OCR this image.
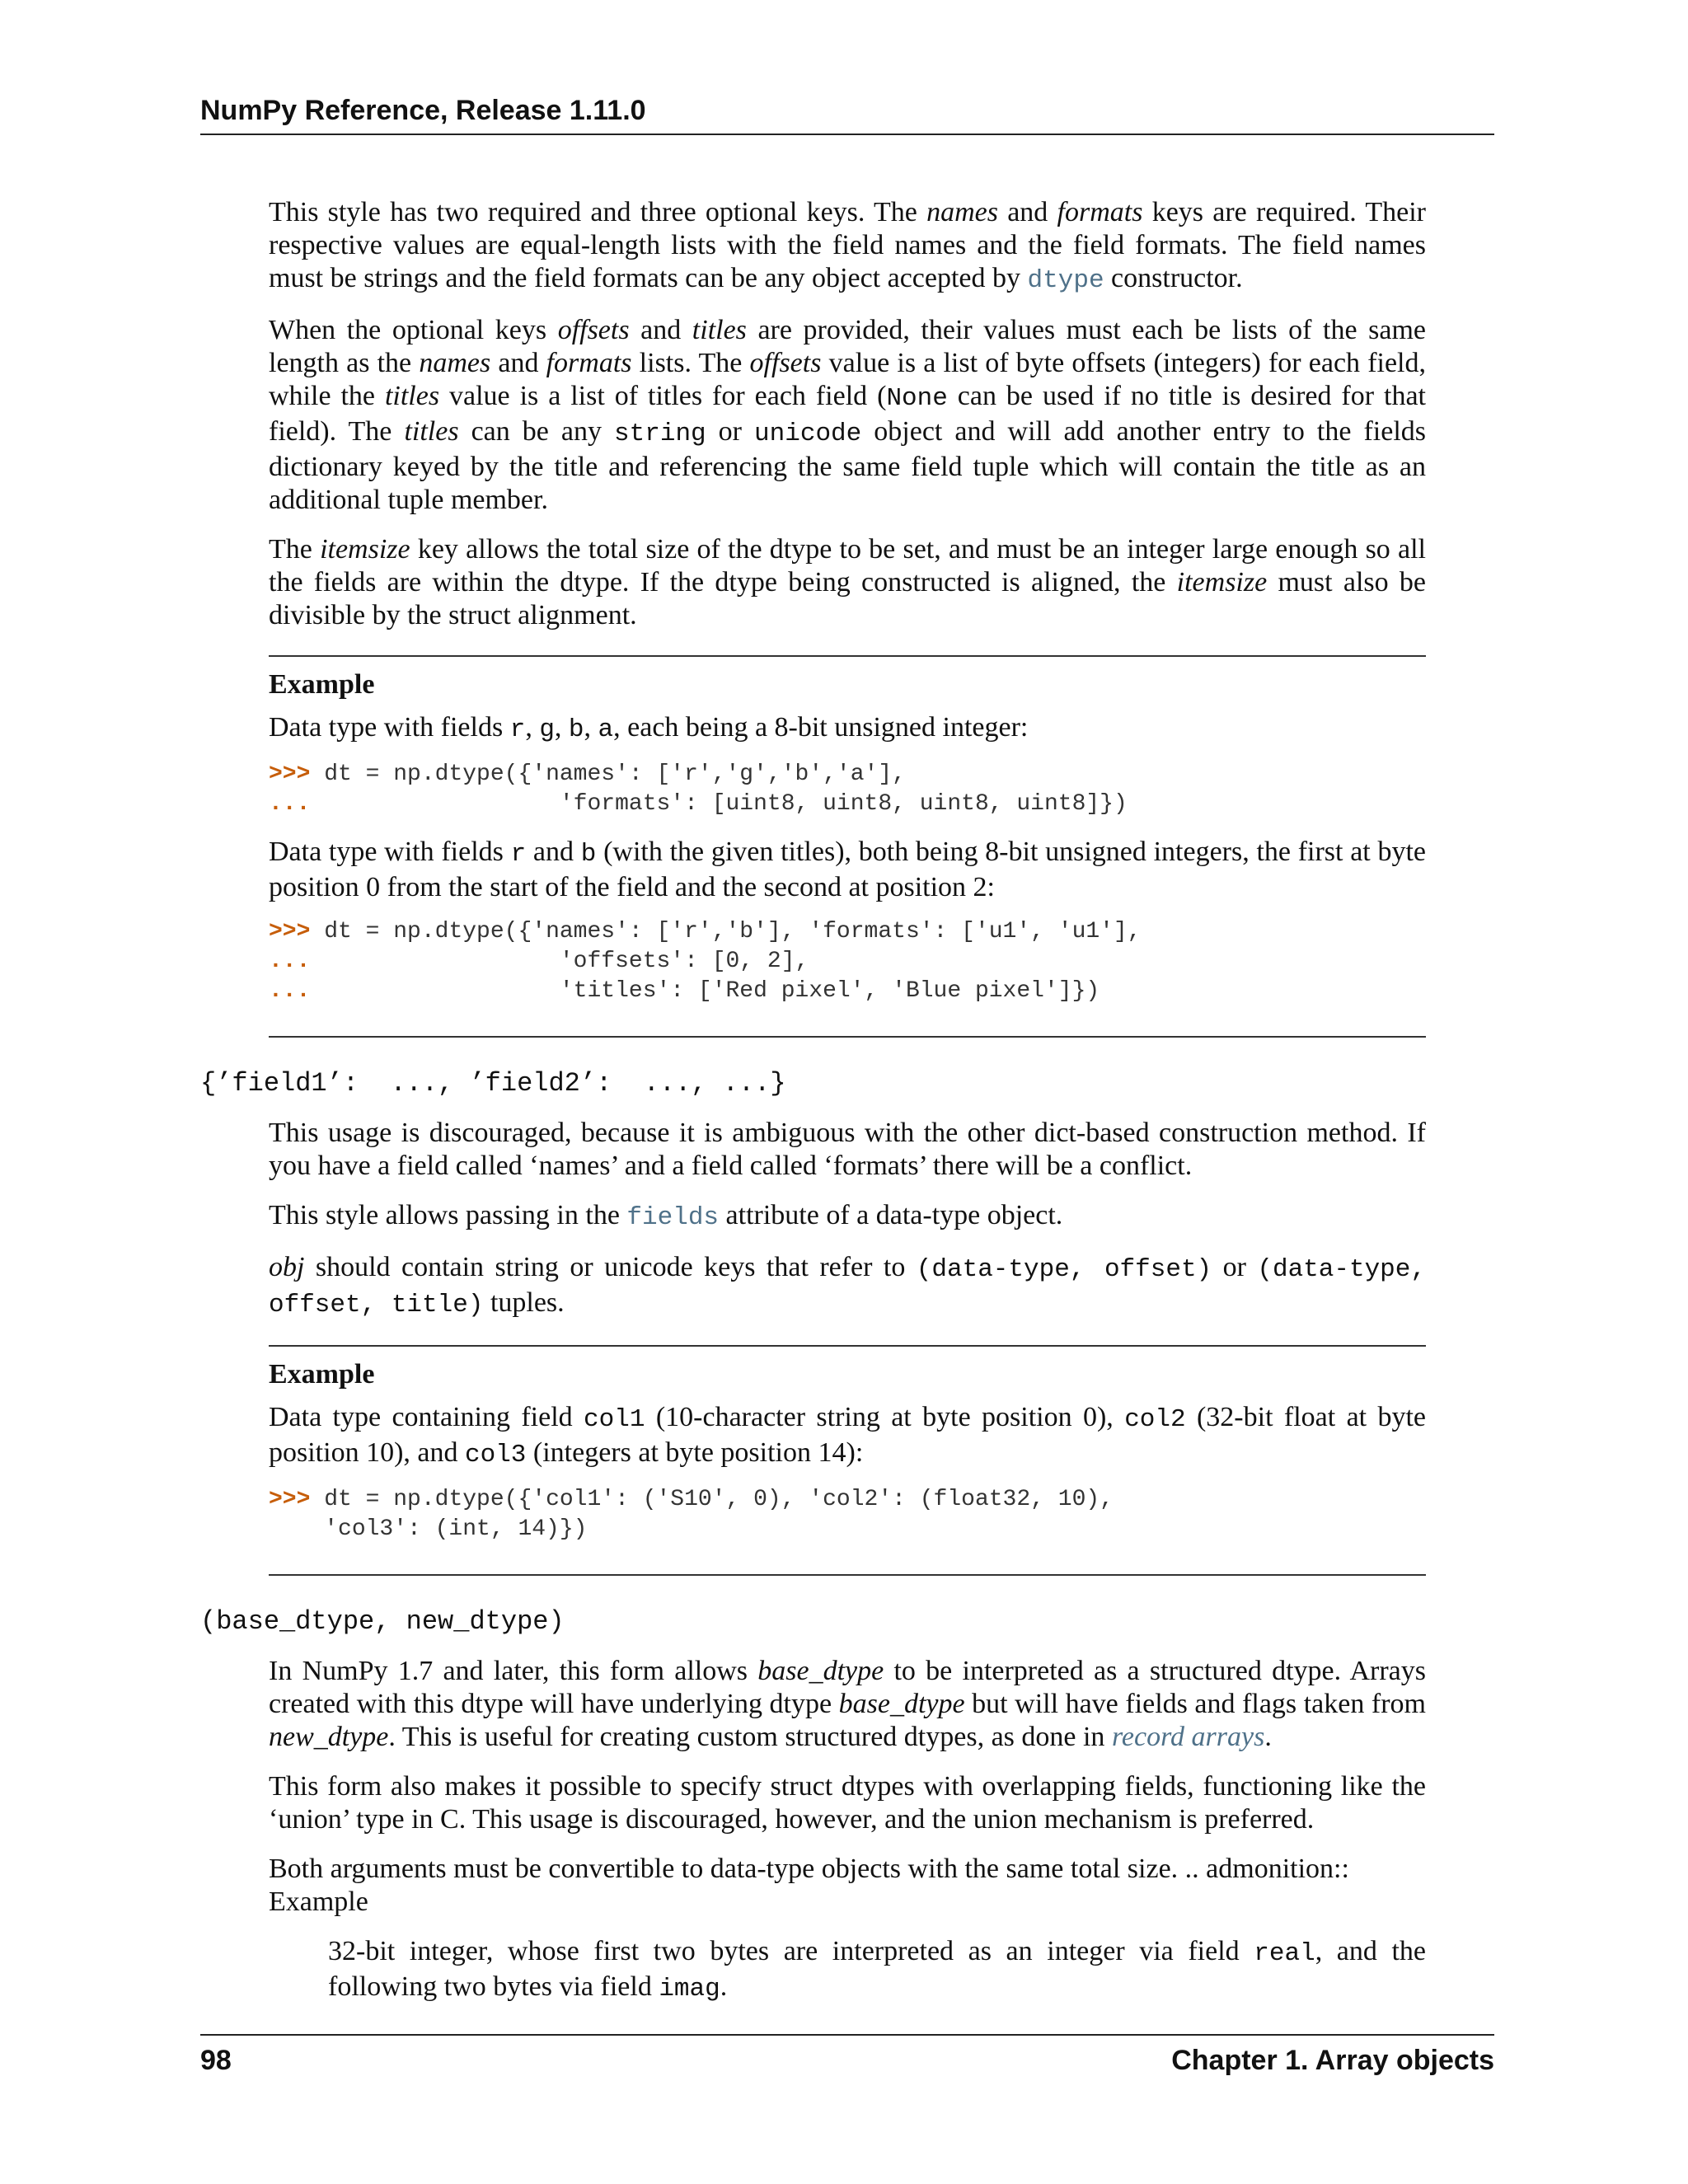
NumPy Reference, Release 1.11.0

This style has two required and three optional keys. The names and formats keys are required. Their respective values are equal-length lists with the field names and the field formats. The field names must be strings and the field formats can be any object accepted by dtype constructor.

When the optional keys offsets and titles are provided, their values must each be lists of the same length as the names and formats lists. The offsets value is a list of byte offsets (integers) for each field, while the titles value is a list of titles for each field (None can be used if no title is desired for that field). The titles can be any string or unicode object and will add another entry to the fields dictionary keyed by the title and referencing the same field tuple which will contain the title as an additional tuple member.

The itemsize key allows the total size of the dtype to be set, and must be an integer large enough so all the fields are within the dtype. If the dtype being constructed is aligned, the itemsize must also be divisible by the struct alignment.

Example

Data type with fields r, g, b, a, each being a 8-bit unsigned integer:

>>> dt = np.dtype({'names': ['r','g','b','a'],
...                  'formats': [uint8, uint8, uint8, uint8]})

Data type with fields r and b (with the given titles), both being 8-bit unsigned integers, the first at byte position 0 from the start of the field and the second at position 2:

>>> dt = np.dtype({'names': ['r','b'], 'formats': ['u1', 'u1'],
...                  'offsets': [0, 2],
...                  'titles': ['Red pixel', 'Blue pixel']})
{’field1’:  ..., ’field2’:  ..., ...}

This usage is discouraged, because it is ambiguous with the other dict-based construction method. If you have a field called ‘names’ and a field called ‘formats’ there will be a conflict.

This style allows passing in the fields attribute of a data-type object.

obj should contain string or unicode keys that refer to (data-type, offset) or (data-type, offset, title) tuples.

Example

Data type containing field col1 (10-character string at byte position 0), col2 (32-bit float at byte position 10), and col3 (integers at byte position 14):

>>> dt = np.dtype({'col1': ('S10', 0), 'col2': (float32, 10),
'col3': (int, 14)})
(base_dtype, new_dtype)

In NumPy 1.7 and later, this form allows base_dtype to be interpreted as a structured dtype. Arrays created with this dtype will have underlying dtype base_dtype but will have fields and flags taken from new_dtype. This is useful for creating custom structured dtypes, as done in record arrays.

This form also makes it possible to specify struct dtypes with overlapping fields, functioning like the ‘union’ type in C. This usage is discouraged, however, and the union mechanism is preferred.

Both arguments must be convertible to data-type objects with the same total size. .. admonition:: Example

32-bit integer, whose first two bytes are interpreted as an integer via field real, and the following two bytes via field imag.

98	Chapter 1. Array objects
